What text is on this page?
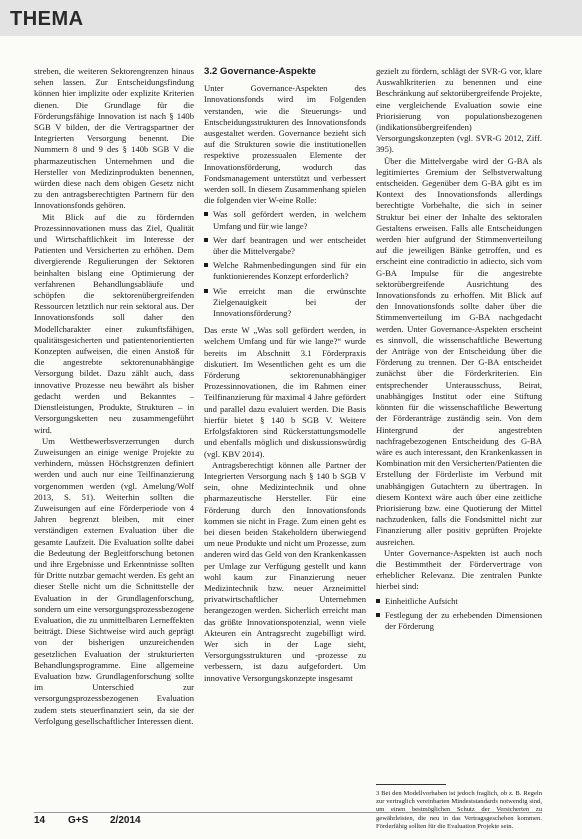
THEMA

streben, die weiteren Sektorengrenzen hinaus sehen lassen. Zur Entscheidungsfindung können hier implizite oder explizite Kriterien dienen. Die Grundlage für die Förderungsfähige Innovation ist nach § 140b SGB V bilden, der die Vertragspartner der Integrierten Versorgung benennt. Die Nummern 8 und 9 des § 140b SGB V die pharmazeutischen Unternehmen und die Hersteller von Medizinprodukten benennen, würden diese nach dem obigen Gesetz nicht zu den antragsberechtigten Partnern für den Innovationsfonds gehören.

Mit Blick auf die zu fördernden Prozessinnovationen muss das Ziel, Qualität und Wirtschaftlichkeit im Interesse der Patienten und Versicherten zu erhöhen. Dem divergierende Regulierungen der Sektoren beinhalten bislang eine Optimierung der verfahrenen Behandlungsabläufe und schöpfen die sektorenübergreifenden Ressourcen letztlich nur rein sektoral aus. Der Innovationsfonds soll daher den Modellcharakter einer zukunftsfähigen, qualitätsgesicherten und patientenorientierten Konzepten aufweisen, die einen Anstoß für die angestrebte sektorenunabhängige Versorgung bildet. Dazu zählt auch, dass innovative Prozesse neu bewährt als bisher gedacht werden und Bekanntes – Dienstleistungen, Produkte, Strukturen – in Versorgungsketten neu zusammengeführt wird.

Um Wettbewerbsverzerrungen durch Zuweisungen an einige wenige Projekte zu verhindern, müssen Höchstgrenzen definiert werden und auch nur eine Teilfinanzierung vorgenommen werden (vgl. Amelung/Wolf 2013, S. 51). Weiterhin sollten die Zuweisungen auf eine Förderperiode von 4 Jahren begrenzt bleiben, mit einer verständigen externen Evaluation über die gesamte Laufzeit. Die Evaluation sollte dabei die Bedeutung der Begleitforschung betonen und ihre Ergebnisse und Erkenntnisse sollten für Dritte nutzbar gemacht werden. Es geht an dieser Stelle nicht um die Schnittstelle der Evaluation in der Grundlagenforschung, sondern um eine versorgungsprozessbezogene Evaluation, die zu unmittelbaren Lerneffekten beiträgt. Diese Sichtweise wird auch geprägt von der bisherigen unzureichenden gesetzlichen Evaluation der strukturierten Behandlungsprogramme. Eine allgemeine Evaluation bzw. Grundlagenforschung sollte im Unterschied zur versorgungsprozessbezogenen Evaluation zudem stets steuerfinanziert sein, da sie der Verfolgung gesellschaftlicher Interessen dient.

3.2 Governance-Aspekte

Unter Governance-Aspekten des Innovationsfonds wird im Folgenden verstanden, wie die Steuerungs- und Entscheidungsstrukturen des Innovationsfonds ausgestaltet werden. Governance bezieht sich auf die Strukturen sowie die institutionellen respektive prozessualen Elemente der Innovationsförderung, wodurch das Fondsmanagement unterstützt und verbessert werden soll. In diesem Zusammenhang spielen die folgenden vier W-eine Rolle:

Was soll gefördert werden, in welchem Umfang und für wie lange?
Wer darf beantragen und wer entscheidet über die Mittelvergabe?
Welche Rahmenbedingungen sind für ein funktionierendes Konzept erforderlich?
Wie erreicht man die erwünschte Zielgenauigkeit bei der Innovationsförderung?

Das erste W „Was soll gefördert werden, in welchem Umfang und für wie lange?“ wurde bereits im Abschnitt 3.1 Förderpraxis diskutiert. Im Wesentlichen geht es um die Förderung sektorenunabhängiger Prozessinnovationen, die im Rahmen einer Teilfinanzierung für maximal 4 Jahre gefördert und parallel dazu evaluiert werden. Die Basis hierfür bietet § 140 b SGB V. Weitere Erfolgsfaktoren sind Rückerstattungsmodelle und ebenfalls möglich und diskussionswürdig (vgl. KBV 2014).

Antragsberechtigt können alle Partner der Integrierten Versorgung nach § 140 b SGB V sein, ohne Medizintechnik und ohne pharmazeutische Hersteller. Für eine Förderung durch den Innovationsfonds kommen sie nicht in Frage. Zum einen geht es bei diesen beiden Stakeholdern überwiegend um neue Produkte und nicht um Prozesse, zum anderen wird das Geld von den Krankenkassen per Umlage zur Verfügung gestellt und kann wohl kaum zur Finanzierung neuer Medizintechnik bzw. neuer Arzneimittel privatwirtschaftlicher Unternehmen herangezogen werden. Sicherlich erreicht man das größte Innovationspotenzial, wenn viele Akteuren ein Antragsrecht zugebilligt wird. Wer sich in der Lage sieht, Versorgungsstrukturen und -prozesse zu verbessern, ist dazu aufgefordert. Um innovative Versorgungskonzepte insgesamt

gezielt zu fördern, schlägt der SVR-G vor, klare Auswahlkriterien zu benennen und eine Beschränkung auf sektorübergreifende Projekte, eine vergleichende Evaluation sowie eine Priorisierung von populationsbezogenen (indikationsübergreifenden) Versorgungskonzepten (vgl. SVR-G 2012, Ziff. 395).

Über die Mittelvergabe wird der G-BA als legitimiertes Gremium der Selbstverwaltung entscheiden. Gegenüber dem G-BA gibt es im Kontext des Innovationsfonds allerdings berechtigte Vorbehalte, die sich in seiner Struktur bei einer der Inhalte des sektoralen Gestaltens erweisen. Falls alle Entscheidungen werden hier aufgrund der Stimmenverteilung auf die jeweiligen Bänke getroffen, und es erscheint eine contradictio in adiecto, sich vom G-BA Impulse für die angestrebte sektorübergreifende Ausrichtung des Innovationsfonds zu erhoffen. Mit Blick auf den Innovationsfonds sollte daher über die Stimmenverteilung im G-BA nachgedacht werden. Unter Governance-Aspekten erscheint es sinnvoll, die wissenschaftliche Bewertung der Anträge von der Entscheidung über die Förderung zu trennen. Der G-BA entscheidet zunächst über die Förderkriterien. Ein entsprechender Unterausschuss, Beirat, unabhängiges Institut oder eine Stiftung könnten für die wissenschaftliche Bewertung der Förderanträge zuständig sein. Von dem Hintergrund der angestrebten nachfragebezogenen Entscheidung des G-BA wäre es auch interessant, den Krankenkassen in Kombination mit den Versicherten/Patienten die Erstellung der Förderliste im Verbund mit unabhängigen Gutachtern zu übertragen. In diesem Kontext wäre auch über eine zeitliche Priorisierung bzw. eine Quotierung der Mittel nachzudenken, falls die Fondsmittel nicht zur Finanzierung aller positiv geprüften Projekte ausreichen.

Unter Governance-Aspekten ist auch noch die Bestimmtheit der Fördervertrage von erheblicher Relevanz. Die zentralen Punkte hierbei sind:

Einheitliche Aufsicht
Festlegung der zu erhebenden Dimensionen der Förderung
3 Bei den Modellvorhaben ist jedoch fraglich, ob z. B. Regeln zur vertraglich vereinbarten Mindeststandards notwendig sind, um einen bestmöglichen Schutz der Versicherten zu gewährleisten, die neu in das Vertragsgeschehen kommen. Förderfähig sollten für die Evaluation Projekte sein.
14 G+S 2/2014
